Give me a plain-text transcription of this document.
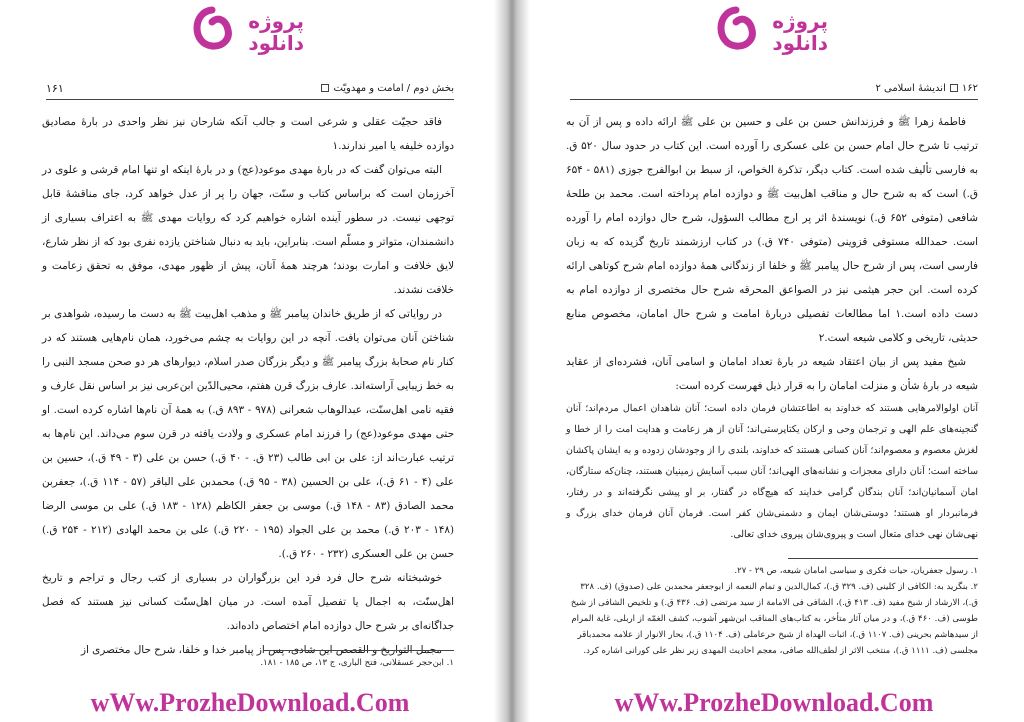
پروژه
دانلود
بخش دوم / امامت و مهدویّت
۱۶۱

فاقد حجیّت عقلی و شرعی است و جالب آنکه شارحان نیز نظر واحدی در بارهٔ مصادیق دوازده خلیفه یا امیر ندارند.۱

البته می‌توان گفت که در بارهٔ مهدی موعود(عج) و در بارهٔ اینکه او تنها امام قرشی و علوی در آخرزمان است که براساس کتاب و سنّت، جهان را پر از عدل خواهد کرد، جای مناقشهٔ قابل توجهی نیست. در سطور آینده اشاره خواهیم کرد که روایات مهدی ﷺ به اعتراف بسیاری از دانشمندان، متواتر و مسلّم است. بنابراین، باید به دنبال شناختن یازده نفری بود که از نظر شارع، لایق خلافت و امارت بودند؛ هرچند همهٔ آنان، پیش از ظهور مهدی، موفق به تحقق زعامت و خلافت نشدند.

در روایاتی که از طریق خاندان پیامبر ﷺ و مذهب اهل‌بیت ﷺ به دست ما رسیده، شواهدی بر شناختن آنان می‌توان یافت. آنچه در این روایات به چشم می‌خورد، همان نام‌هایی هستند که در کنار نام صحابهٔ بزرگ پیامبر ﷺ و دیگر بزرگان صدر اسلام، دیوارهای هر دو صحن مسجد النبی را به خط زیبایی آراسته‌اند. عارف بزرگ قرن هفتم، محیی‌الدّین ابن‌عربی نیز بر اساس نقل عارف و فقیه نامی اهل‌سنّت، عبدالوهاب شعرانی (۹۷۸ - ۸۹۳ ق.) به همهٔ آن نام‌ها اشاره کرده است. او حتی مهدی موعود(عج) را فرزند امام عسکری و ولادت یافته در قرن سوم می‌داند. این نام‌ها به ترتیب عبارت‌اند از: علی بن ابی طالب (۲۳ ق. - ۴۰ ق.) حسن بن علی (۳ - ۴۹ ق.)، حسین بن علی (۴ - ۶۱ ق.)، علی بن الحسین (۳۸ - ۹۵ ق.) محمدبن علی الباقر (۵۷ - ۱۱۴ ق.)، جعفربن محمد الصادق (۸۳ - ۱۴۸ ق.) موسی بن جعفر الکاظم (۱۲۸ - ۱۸۳ ق.) علی بن موسی الرضا (۱۴۸ - ۲۰۳ ق.) محمد بن علی الجواد (۱۹۵ - ۲۲۰ ق.) علی بن محمد الهادی (۲۱۲ - ۲۵۴ ق.) حسن بن علی العسکری (۲۳۲ - ۲۶۰ ق.).

خوشبختانه شرح حال فرد فرد این بزرگواران در بسیاری از کتب رجال و تراجم و تاریخ اهل‌سنّت، به اجمال یا تفصیل آمده است. در میان اهل‌سنّت کسانی نیز هستند که فصل جداگانه‌ای بر شرح حال دوازده امام اختصاص داده‌اند.

مجمل التواریخ و القصص این شادی، پس از پیامبر خدا و خلفا، شرح حال مختصری از

۱. ابن‌حجر عسقلانی، فتح الباری، ج ۱۳، ص ۱۸۵ - ۱۸۱.

wWw.ProzheDownload.Com
پروژه
دانلود
۱۶۲اندیشهٔ اسلامی ۲

فاطمهٔ زهرا ﷺ و فرزندانش حسن بن علی و حسین بن علی ﷺ ارائه داده و پس از آن به ترتیب تا شرح حال امام حسن بن علی عسکری را آورده است. این کتاب در حدود سال ۵۲۰ ق. به فارسی تألیف شده است. کتاب دیگر، تذکرة الخواص، از سبط بن ابوالفرج جوزی (۵۸۱ - ۶۵۴ ق.) است که به شرح حال و مناقب اهل‌بیت ﷺ و دوازده امام پرداخته است. محمد بن طلحهٔ شافعی (متوفی ۶۵۲ ق.) نویسندهٔ اثر پر ارج مطالب السؤول، شرح حال دوازده امام را آورده است. حمدالله مستوفی قزوینی (متوفی ۷۴۰ ق.) در کتاب ارزشمند تاریخ گزیده که به زبان فارسی است، پس از شرح حال پیامبر ﷺ و خلفا از زندگانی همهٔ دوازده امام شرح کوتاهی ارائه کرده است. ابن حجر هیثمی نیز در الصواعق المحرقه شرح حال مختصری از دوازده امام به دست داده است.۱ اما مطالعات تفصیلی دربارهٔ امامت و شرح حال امامان، مخصوص منابع حدیثی، تاریخی و کلامی شیعه است.۲

شیخ مفید پس از بیان اعتقاد شیعه در بارهٔ تعداد امامان و اسامی آنان، فشرده‌ای از عقاید شیعه در بارهٔ شأن و منزلت امامان را به قرار ذیل فهرست کرده است:

آنان اولوالامرهایی هستند که خداوند به اطاعتشان فرمان داده است؛ آنان شاهدان اعمال مردم‌اند؛ آنان گنجینه‌های علم الهی و ترجمان وحی و ارکان یکتاپرستی‌اند؛ آنان از هر زعامت و هدایت امت را از خطا و لغزش معصوم و معصوم‌اند؛ آنان کسانی هستند که خداوند، بلندی را از وجودشان زدوده و به ایشان پاکشان ساخته است؛ آنان دارای معجزات و نشانه‌های الهی‌اند؛ آنان سبب آسایش زمینیان هستند، چنان‌که ستارگان، امان آسمانیان‌اند؛ آنان بندگان گرامی خدایند که هیچ‌گاه در گفتار، بر او پیشی نگرفته‌اند و در رفتار، فرمانبردار او هستند؛ دوستی‌شان ایمان و دشمنی‌شان کفر است. فرمان آنان فرمان خدای بزرگ و نهی‌شان نهی خدای متعال است و پیروی‌شان پیروی خدای تعالی.

۱. رسول جعفریان، حیات فکری و سیاسی امامان شیعه، ص ۲۹ - ۲۷.

۲. بنگرید به: الکافی از کلینی (ف. ۳۲۹ ق.)، کمال‌الدین و تمام النعمه از ابوجعفر محمدبن علی (صدوق) (ف. ۳۲۸ ق.)، الارشاد از شیخ مفید (ف. ۴۱۳ ق.)، الشافی فی الامامة از سید مرتضی (ف. ۴۳۶ ق.) و تلخیص الشافی از شیخ طوسی (ف. ۴۶۰ ق.)، و در میان آثار متأخر، به کتاب‌های المناقب ابن‌شهر آشوب، کشف الغمّه از اربلی، غایة المرام از سیدهاشم بحرینی (ف. ۱۱۰۷ ق.)، اثبات الهداة از شیخ حرعاملی (ف. ۱۱۰۴ ق.)، بحار الانوار از علامه محمدباقر مجلسی (ف. ۱۱۱۱ ق.)، منتخب الاثر از لطف‌الله صافی، معجم احادیث المهدی زیر نظر علی کورانی اشاره کرد.

wWw.ProzheDownload.Com
